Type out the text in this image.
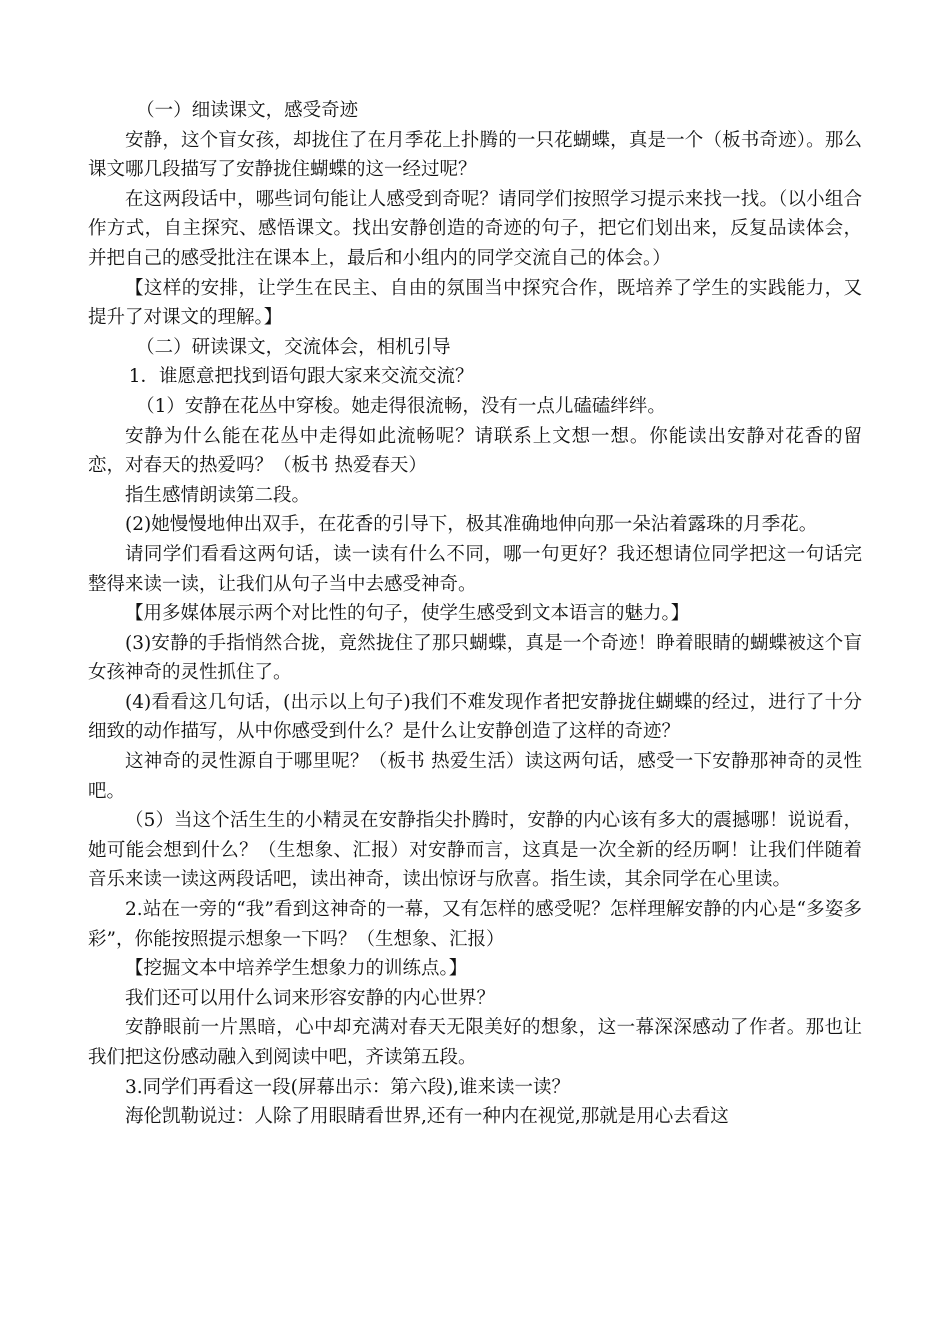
（一）细读课文，感受奇迹

安静，这个盲女孩，却拢住了在月季花上扑腾的一只花蝴蝶，真是一个（板书奇迹）。那么课文哪几段描写了安静拢住蝴蝶的这一经过呢？

在这两段话中，哪些词句能让人感受到奇呢？请同学们按照学习提示来找一找。（以小组合作方式，自主探究、感悟课文。找出安静创造的奇迹的句子，把它们划出来，反复品读体会，并把自己的感受批注在课本上，最后和小组内的同学交流自己的体会。）

【这样的安排，让学生在民主、自由的氛围当中探究合作，既培养了学生的实践能力，又提升了对课文的理解。】

（二）研读课文，交流体会，相机引导

1．谁愿意把找到语句跟大家来交流交流？

（1）安静在花丛中穿梭。她走得很流畅，没有一点儿磕磕绊绊。

安静为什么能在花丛中走得如此流畅呢？请联系上文想一想。你能读出安静对花香的留恋，对春天的热爱吗？（板书 热爱春天）

指生感情朗读第二段。

(2)她慢慢地伸出双手，在花香的引导下，极其准确地伸向那一朵沾着露珠的月季花。

请同学们看看这两句话，读一读有什么不同，哪一句更好？我还想请位同学把这一句话完整得来读一读，让我们从句子当中去感受神奇。

【用多媒体展示两个对比性的句子，使学生感受到文本语言的魅力。】

(3)安静的手指悄然合拢，竟然拢住了那只蝴蝶，真是一个奇迹！睁着眼睛的蝴蝶被这个盲女孩神奇的灵性抓住了。

(4)看看这几句话，(出示以上句子)我们不难发现作者把安静拢住蝴蝶的经过，进行了十分细致的动作描写，从中你感受到什么？是什么让安静创造了这样的奇迹？

这神奇的灵性源自于哪里呢？（板书 热爱生活）读这两句话，感受一下安静那神奇的灵性吧。

（5）当这个活生生的小精灵在安静指尖扑腾时，安静的内心该有多大的震撼哪！说说看，她可能会想到什么？（生想象、汇报）对安静而言，这真是一次全新的经历啊！让我们伴随着音乐来读一读这两段话吧，读出神奇，读出惊讶与欣喜。指生读，其余同学在心里读。

2.站在一旁的“我”看到这神奇的一幕，又有怎样的感受呢？怎样理解安静的内心是“多姿多彩”，你能按照提示想象一下吗？（生想象、汇报）

【挖掘文本中培养学生想象力的训练点。】

我们还可以用什么词来形容安静的内心世界？

安静眼前一片黑暗，心中却充满对春天无限美好的想象，这一幕深深感动了作者。那也让我们把这份感动融入到阅读中吧，齐读第五段。

3.同学们再看这一段(屏幕出示：第六段),谁来读一读？

海伦凯勒说过：人除了用眼睛看世界,还有一种内在视觉,那就是用心去看这
